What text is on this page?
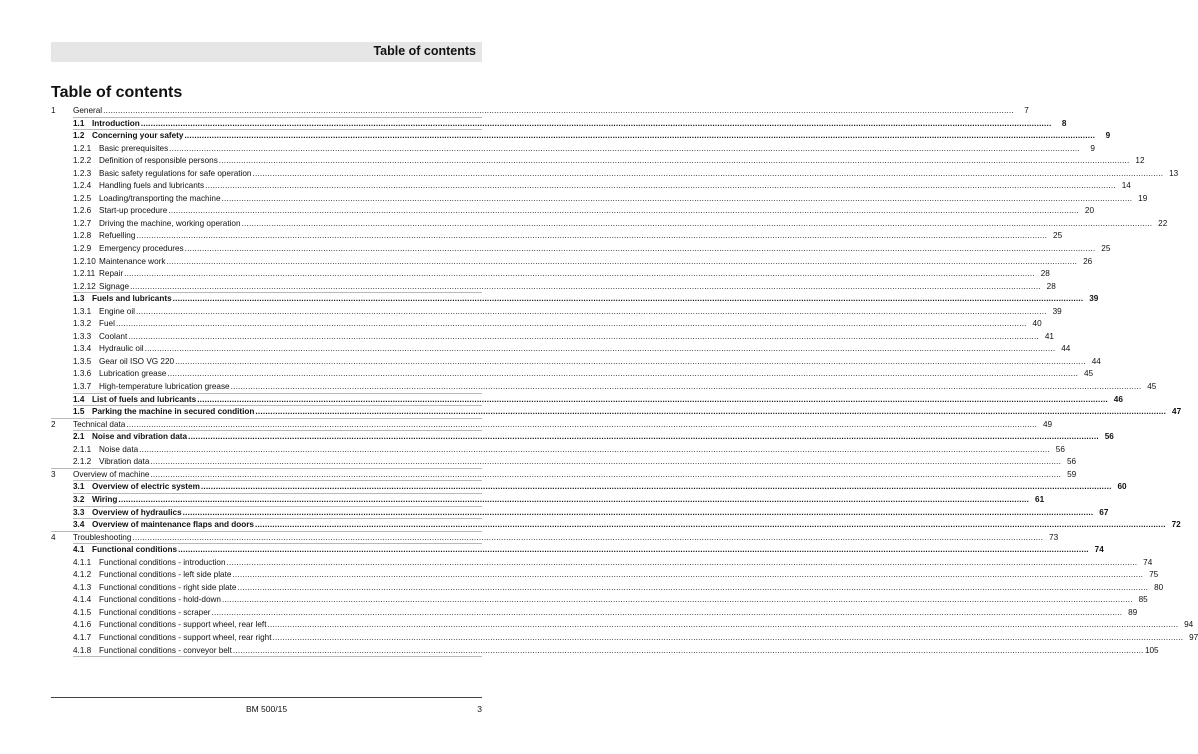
Table of contents
Table of contents
1	General .....	7
1.1 Introduction .....	8
1.2 Concerning your safety .....	9
1.2.1 Basic prerequisites .....	9
1.2.2 Definition of responsible persons .....	12
1.2.3 Basic safety regulations for safe operation .....	13
1.2.4 Handling fuels and lubricants .....	14
1.2.5 Loading/transporting the machine .....	19
1.2.6 Start-up procedure .....	20
1.2.7 Driving the machine, working operation .....	22
1.2.8 Refuelling .....	25
1.2.9 Emergency procedures .....	25
1.2.10 Maintenance work .....	26
1.2.11 Repair .....	28
1.2.12 Signage .....	28
1.3 Fuels and lubricants .....	39
1.3.1 Engine oil .....	39
1.3.2 Fuel .....	40
1.3.3 Coolant .....	41
1.3.4 Hydraulic oil .....	44
1.3.5 Gear oil ISO VG 220 .....	44
1.3.6 Lubrication grease .....	45
1.3.7 High-temperature lubrication grease .....	45
1.4 List of fuels and lubricants .....	46
1.5 Parking the machine in secured condition .....	47
2	Technical data .....	49
2.1 Noise and vibration data .....	56
2.1.1 Noise data .....	56
2.1.2 Vibration data .....	56
3	Overview of machine .....	59
3.1 Overview of electric system .....	60
3.2 Wiring .....	61
3.3 Overview of hydraulics .....	67
3.4 Overview of maintenance flaps and doors .....	72
4	Troubleshooting .....	73
4.1 Functional conditions .....	74
4.1.1 Functional conditions - introduction .....	74
4.1.2 Functional conditions - left side plate .....	75
4.1.3 Functional conditions - right side plate .....	80
4.1.4 Functional conditions - hold-down .....	85
4.1.5 Functional conditions - scraper .....	89
4.1.6 Functional conditions - support wheel, rear left .....	94
4.1.7 Functional conditions - support wheel, rear right .....	97
4.1.8 Functional conditions - conveyor belt .....	105
BM 500/15	3
